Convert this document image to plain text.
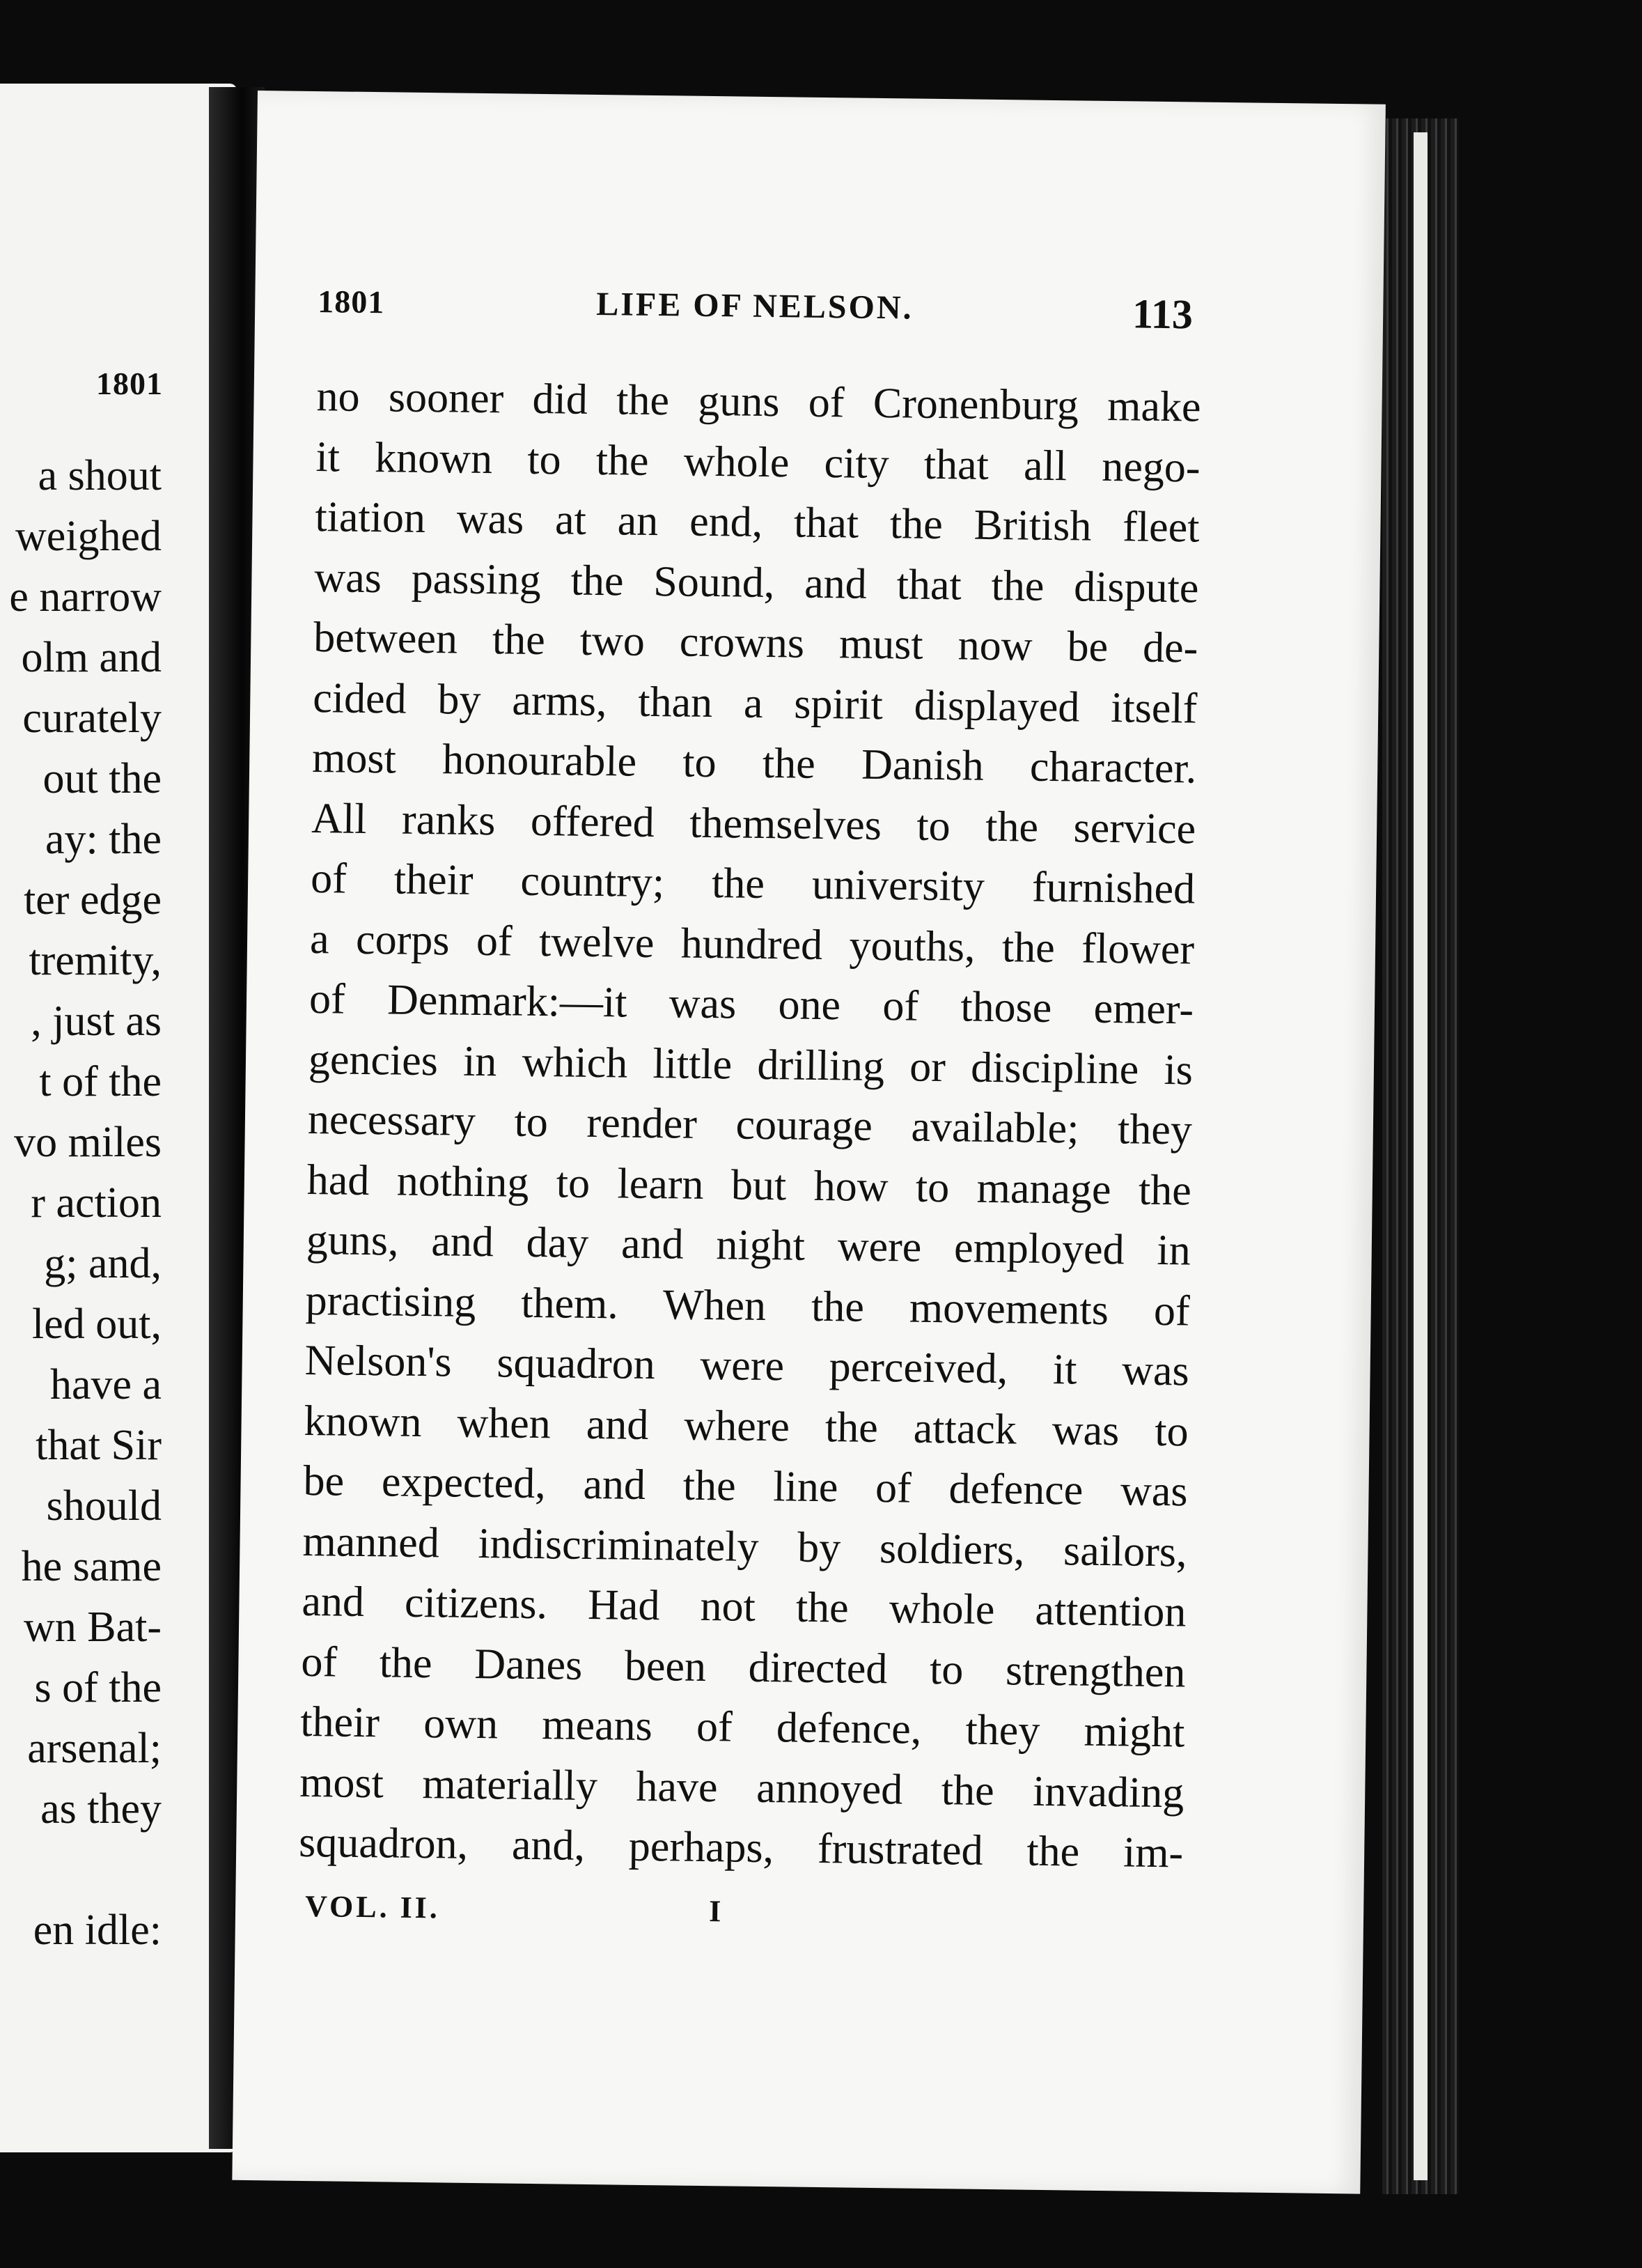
1801
a shout
weighed
e narrow
olm and
curately
out the
ay: the
ter edge
tremity,
, just as
t of the
vo miles
r action
g; and,
led out,
have a
that Sir
should
he same
wn Bat-
s of the
arsenal;
as they
en idle:
1801	LIFE OF NELSON.	113
no sooner did the guns of Cronenburg make
it known to the whole city that all nego-
tiation was at an end, that the British fleet
was passing the Sound, and that the dispute
between the two crowns must now be de-
cided by arms, than a spirit displayed itself
most honourable to the Danish character.
All ranks offered themselves to the service
of their country; the university furnished
a corps of twelve hundred youths, the flower
of Denmark:—it was one of those emer-
gencies in which little drilling or discipline is
necessary to render courage available; they
had nothing to learn but how to manage the
guns, and day and night were employed in
practising them. When the movements of
Nelson's squadron were perceived, it was
known when and where the attack was to
be expected, and the line of defence was
manned indiscriminately by soldiers, sailors,
and citizens. Had not the whole attention
of the Danes been directed to strengthen
their own means of defence, they might
most materially have annoyed the invading
squadron, and, perhaps, frustrated the im-
VOL. II.	I
